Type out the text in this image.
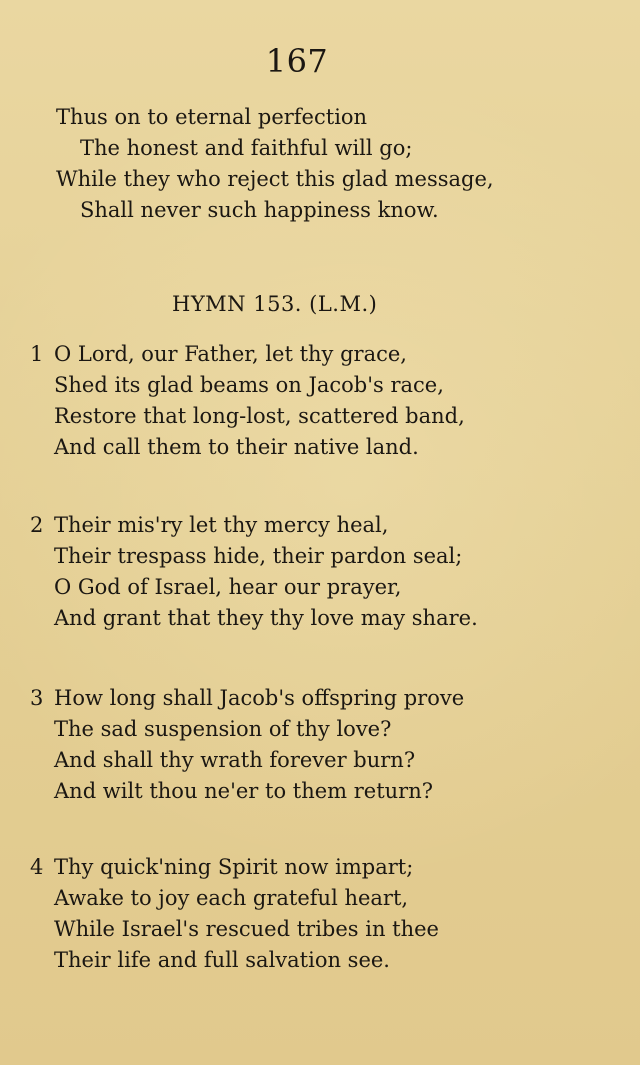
167
Thus on to eternal perfection
The honest and faithful will go;
While they who reject this glad message,
Shall never such happiness know.
HYMN 153. (L.M.)
1 O Lord, our Father, let thy grace,
Shed its glad beams on Jacob's race,
Restore that long-lost, scattered band,
And call them to their native land.
2 Their mis'ry let thy mercy heal,
Their trespass hide, their pardon seal;
O God of Israel, hear our prayer,
And grant that they thy love may share.
3 How long shall Jacob's offspring prove
The sad suspension of thy love?
And shall thy wrath forever burn?
And wilt thou ne'er to them return?
4 Thy quick'ning Spirit now impart;
Awake to joy each grateful heart,
While Israel's rescued tribes in thee
Their life and full salvation see.
